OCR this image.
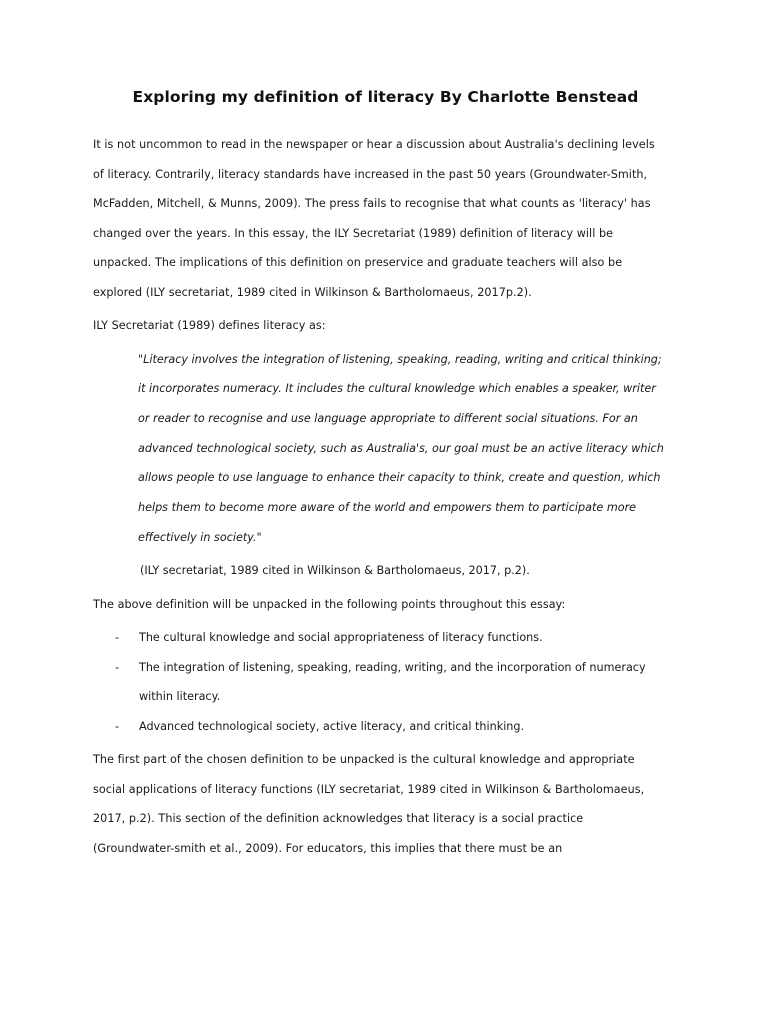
Exploring my definition of literacy By Charlotte Benstead

It is not uncommon to read in the newspaper or hear a discussion about Australia's declining levels of literacy. Contrarily, literacy standards have increased in the past 50 years (Groundwater-Smith, McFadden, Mitchell, & Munns, 2009). The press fails to recognise that what counts as 'literacy' has changed over the years. In this essay, the ILY Secretariat (1989) definition of literacy will be unpacked. The implications of this definition on preservice and graduate teachers will also be explored (ILY secretariat, 1989 cited in Wilkinson & Bartholomaeus, 2017p.2).

ILY Secretariat (1989) defines literacy as:

"Literacy involves the integration of listening, speaking, reading, writing and critical thinking; it incorporates numeracy. It includes the cultural knowledge which enables a speaker, writer or reader to recognise and use language appropriate to different social situations. For an advanced technological society, such as Australia's, our goal must be an active literacy which allows people to use language to enhance their capacity to think, create and question, which helps them to become more aware of the world and empowers them to participate more effectively in society."

(ILY secretariat, 1989 cited in Wilkinson & Bartholomaeus, 2017, p.2).

The above definition will be unpacked in the following points throughout this essay:

- The cultural knowledge and social appropriateness of literacy functions.
- The integration of listening, speaking, reading, writing, and the incorporation of numeracy within literacy.
- Advanced technological society, active literacy, and critical thinking.

The first part of the chosen definition to be unpacked is the cultural knowledge and appropriate social applications of literacy functions (ILY secretariat, 1989 cited in Wilkinson & Bartholomaeus, 2017, p.2). This section of the definition acknowledges that literacy is a social practice (Groundwater-smith et al., 2009). For educators, this implies that there must be an
